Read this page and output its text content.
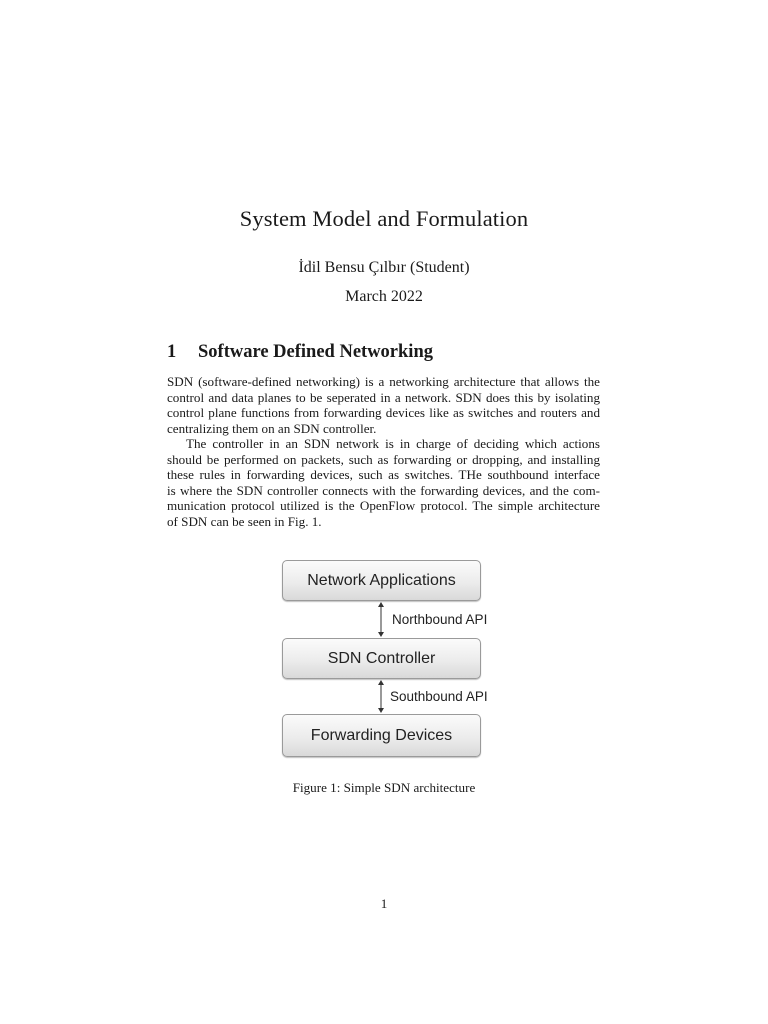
System Model and Formulation
İdil Bensu Çılbır (Student)
March 2022
1 Software Defined Networking
SDN (software-defined networking) is a networking architecture that allows the
control and data planes to be seperated in a network. SDN does this by isolating
control plane functions from forwarding devices like as switches and routers and
centralizing them on an SDN controller.
The controller in an SDN network is in charge of deciding which actions
should be performed on packets, such as forwarding or dropping, and installing
these rules in forwarding devices, such as switches. THe southbound interface
is where the SDN controller connects with the forwarding devices, and the com-
munication protocol utilized is the OpenFlow protocol. The simple architecture
of SDN can be seen in Fig. 1.
Network Applications
Northbound API
SDN Controller
Southbound API
Forwarding Devices
Figure 1: Simple SDN architecture
1
